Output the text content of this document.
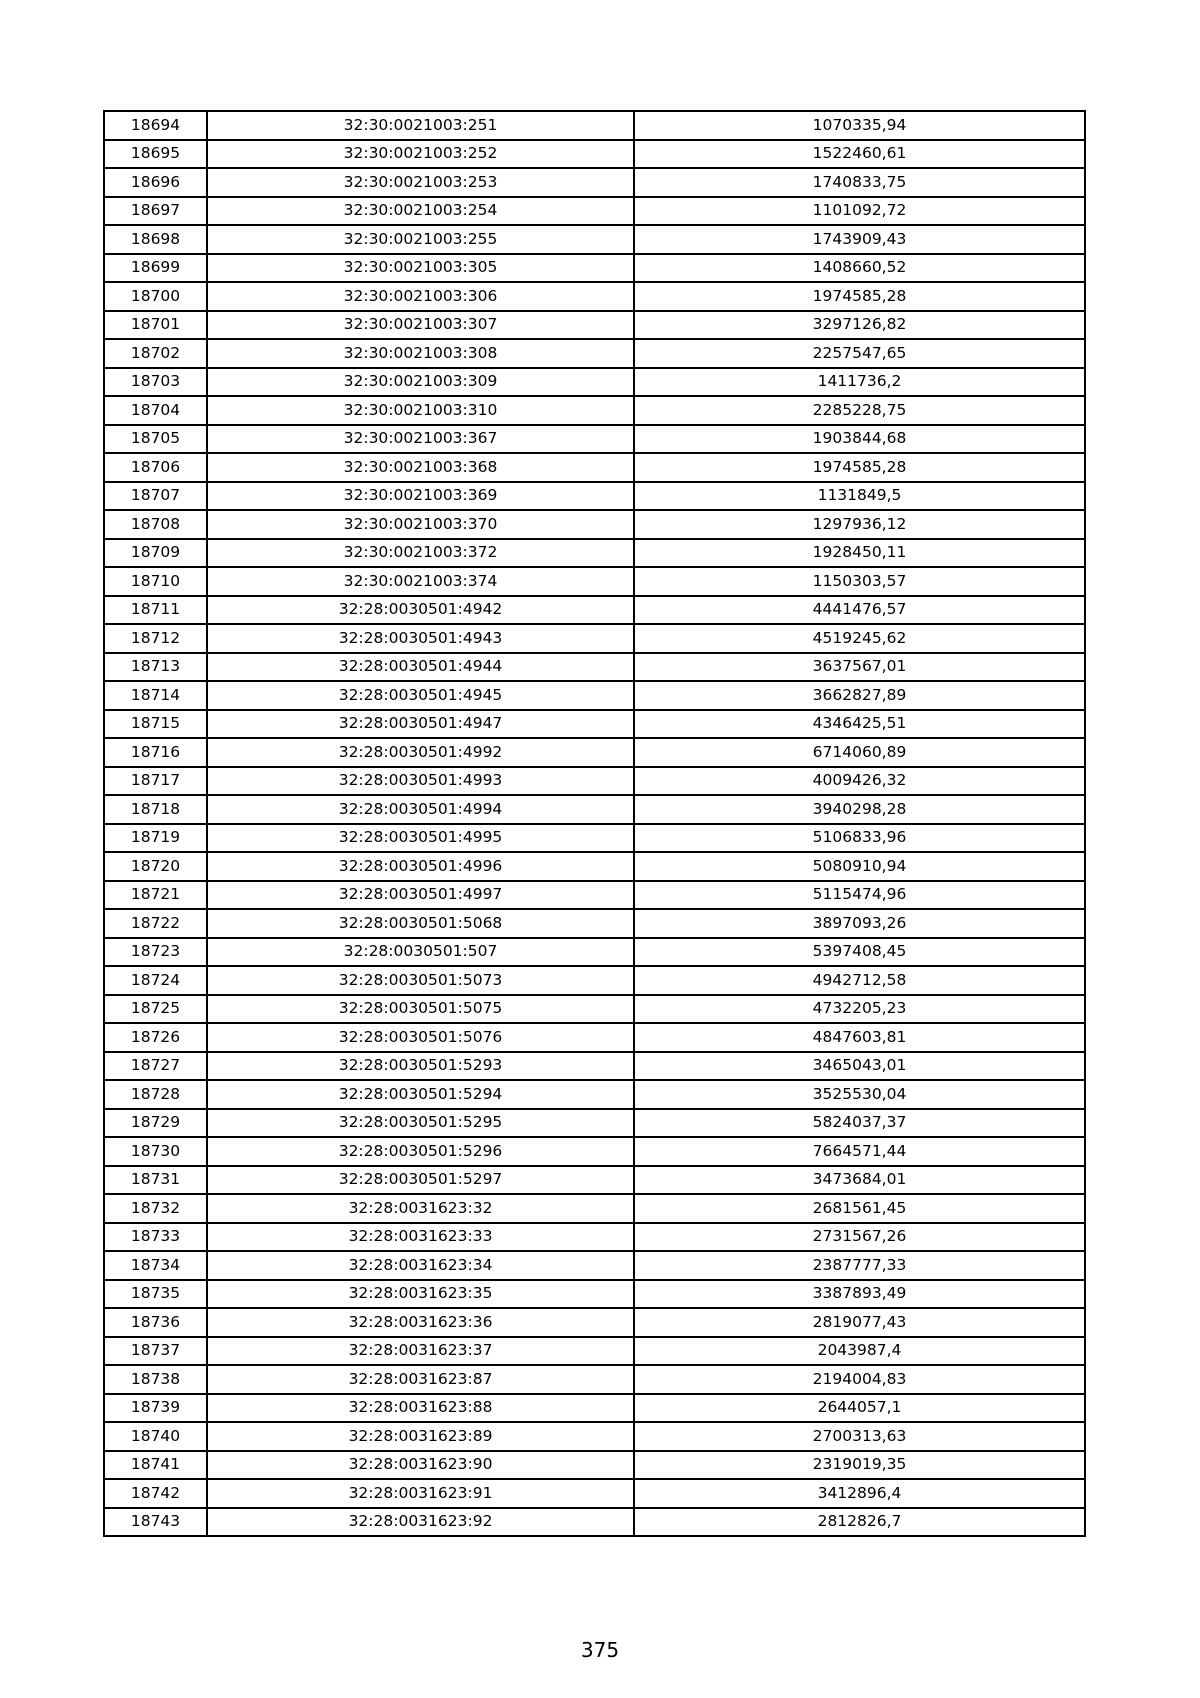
18694	32:30:0021003:251	1070335,94
18695	32:30:0021003:252	1522460,61
18696	32:30:0021003:253	1740833,75
18697	32:30:0021003:254	1101092,72
18698	32:30:0021003:255	1743909,43
18699	32:30:0021003:305	1408660,52
18700	32:30:0021003:306	1974585,28
18701	32:30:0021003:307	3297126,82
18702	32:30:0021003:308	2257547,65
18703	32:30:0021003:309	1411736,2
18704	32:30:0021003:310	2285228,75
18705	32:30:0021003:367	1903844,68
18706	32:30:0021003:368	1974585,28
18707	32:30:0021003:369	1131849,5
18708	32:30:0021003:370	1297936,12
18709	32:30:0021003:372	1928450,11
18710	32:30:0021003:374	1150303,57
18711	32:28:0030501:4942	4441476,57
18712	32:28:0030501:4943	4519245,62
18713	32:28:0030501:4944	3637567,01
18714	32:28:0030501:4945	3662827,89
18715	32:28:0030501:4947	4346425,51
18716	32:28:0030501:4992	6714060,89
18717	32:28:0030501:4993	4009426,32
18718	32:28:0030501:4994	3940298,28
18719	32:28:0030501:4995	5106833,96
18720	32:28:0030501:4996	5080910,94
18721	32:28:0030501:4997	5115474,96
18722	32:28:0030501:5068	3897093,26
18723	32:28:0030501:507	5397408,45
18724	32:28:0030501:5073	4942712,58
18725	32:28:0030501:5075	4732205,23
18726	32:28:0030501:5076	4847603,81
18727	32:28:0030501:5293	3465043,01
18728	32:28:0030501:5294	3525530,04
18729	32:28:0030501:5295	5824037,37
18730	32:28:0030501:5296	7664571,44
18731	32:28:0030501:5297	3473684,01
18732	32:28:0031623:32	2681561,45
18733	32:28:0031623:33	2731567,26
18734	32:28:0031623:34	2387777,33
18735	32:28:0031623:35	3387893,49
18736	32:28:0031623:36	2819077,43
18737	32:28:0031623:37	2043987,4
18738	32:28:0031623:87	2194004,83
18739	32:28:0031623:88	2644057,1
18740	32:28:0031623:89	2700313,63
18741	32:28:0031623:90	2319019,35
18742	32:28:0031623:91	3412896,4
18743	32:28:0031623:92	2812826,7
375
